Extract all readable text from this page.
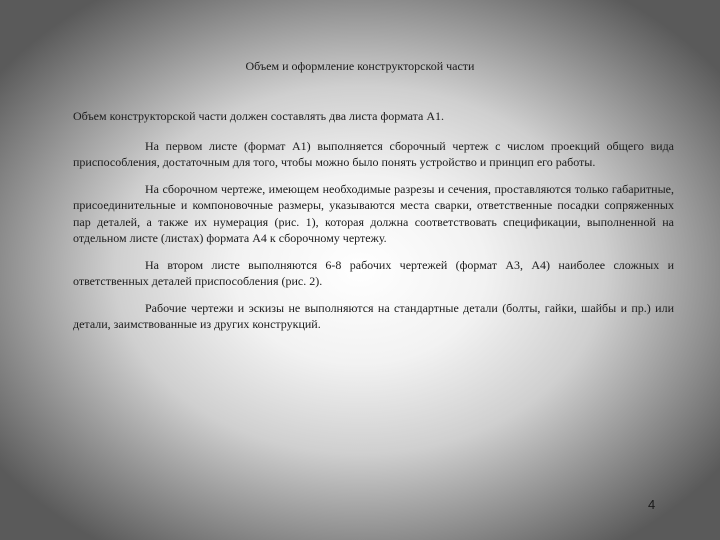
Объем и оформление конструкторской части

Объем конструкторской части должен составлять два листа формата А1.

На первом листе (формат А1) выполняется сборочный чертеж с числом проекций общего вида приспособления, достаточным для того, чтобы можно было понять устройство и принцип его работы.

На сборочном чертеже, имеющем необходимые разрезы и сечения, проставляются только габаритные, присоединительные и компоновочные размеры, указываются места сварки, ответственные посадки сопряженных пар деталей, а также их нумерация (рис. 1), которая должна соответствовать спецификации, выполненной на отдельном листе (листах) формата А4 к сборочному чертежу.

На втором листе выполняются 6-8 рабочих чертежей (формат А3, А4) наиболее сложных и ответственных деталей приспособления (рис. 2).

Рабочие чертежи и эскизы не выполняются на стандартные детали (болты, гайки, шайбы и пр.) или детали, заимствованные из других конструкций.

4
